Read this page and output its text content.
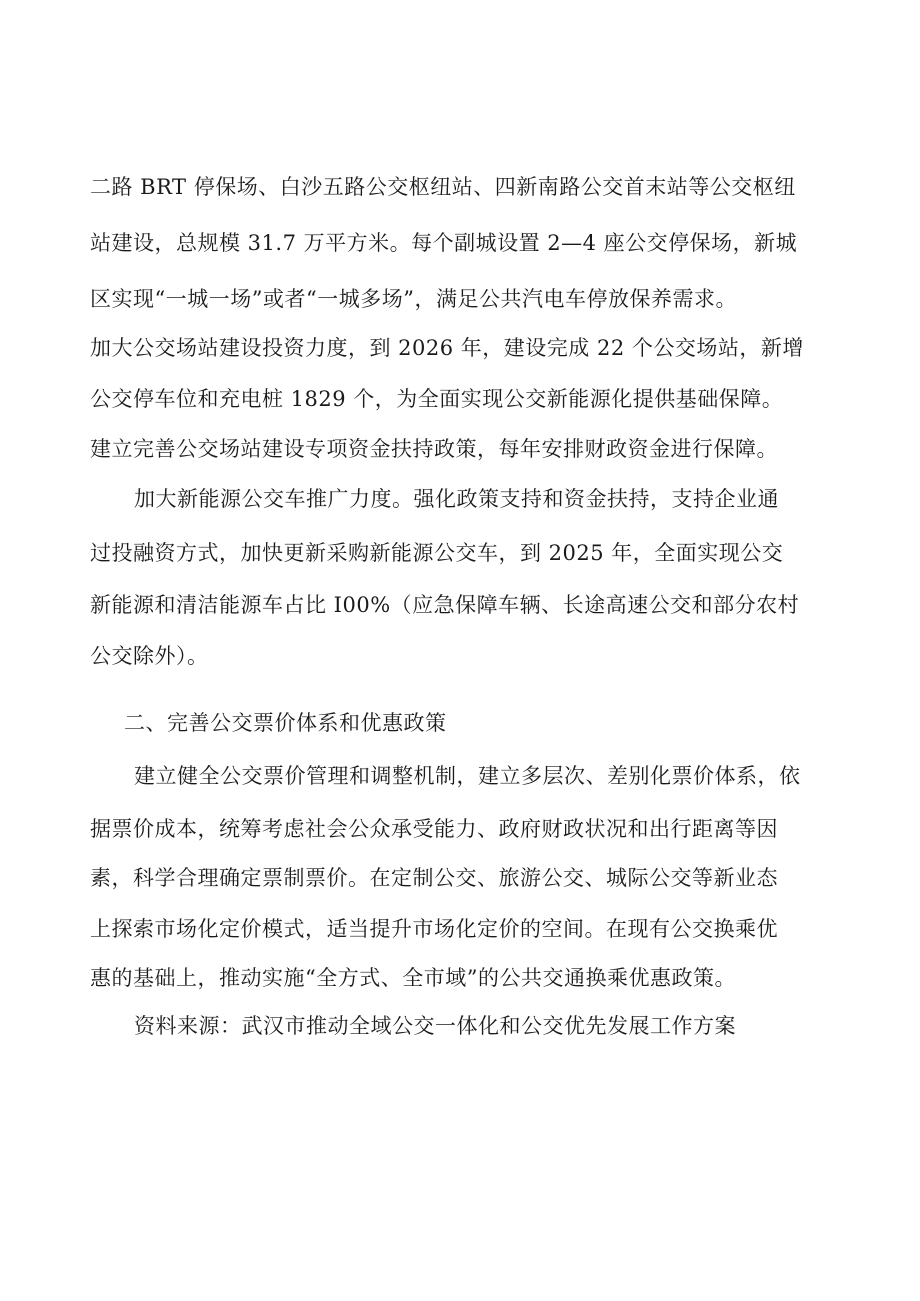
二路 BRT 停保场、白沙五路公交枢纽站、四新南路公交首末站等公交枢纽
站建设，总规模 31.7 万平方米。每个副城设置 2—4 座公交停保场，新城
区实现“一城一场”或者“一城多场”，满足公共汽电车停放保养需求。
加大公交场站建设投资力度，到 2026 年，建设完成 22 个公交场站，新增
公交停车位和充电桩 1829 个，为全面实现公交新能源化提供基础保障。
建立完善公交场站建设专项资金扶持政策，每年安排财政资金进行保障。
加大新能源公交车推广力度。强化政策支持和资金扶持，支持企业通
过投融资方式，加快更新采购新能源公交车，到 2025 年，全面实现公交
新能源和清洁能源车占比 I00%（应急保障车辆、长途高速公交和部分农村
公交除外）。
二、完善公交票价体系和优惠政策
建立健全公交票价管理和调整机制，建立多层次、差别化票价体系，依
据票价成本，统筹考虑社会公众承受能力、政府财政状况和出行距离等因
素，科学合理确定票制票价。在定制公交、旅游公交、城际公交等新业态
上探索市场化定价模式，适当提升市场化定价的空间。在现有公交换乘优
惠的基础上，推动实施“全方式、全市域”的公共交通换乘优惠政策。
资料来源：武汉市推动全域公交一体化和公交优先发展工作方案
